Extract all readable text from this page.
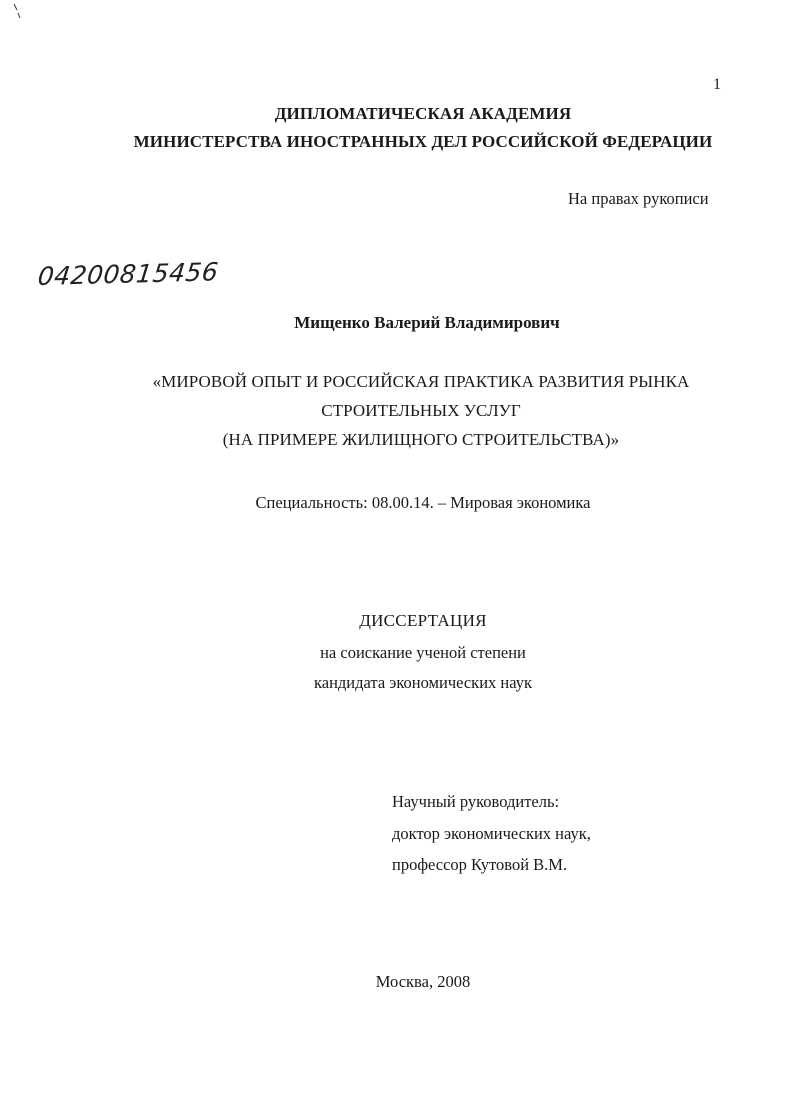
1
ДИПЛОМАТИЧЕСКАЯ АКАДЕМИЯ
МИНИСТЕРСТВА ИНОСТРАННЫХ ДЕЛ РОССИЙСКОЙ ФЕДЕРАЦИИ
На правах рукописи
04200815456
Мищенко Валерий Владимирович
«МИРОВОЙ ОПЫТ И РОССИЙСКАЯ ПРАКТИКА РАЗВИТИЯ РЫНКА
СТРОИТЕЛЬНЫХ УСЛУГ
(НА ПРИМЕРЕ ЖИЛИЩНОГО СТРОИТЕЛЬСТВА)»
Специальность: 08.00.14. – Мировая экономика
ДИССЕРТАЦИЯ
на соискание ученой степени
кандидата экономических наук
Научный руководитель:
доктор экономических наук,
профессор Кутовой В.М.
Москва, 2008
